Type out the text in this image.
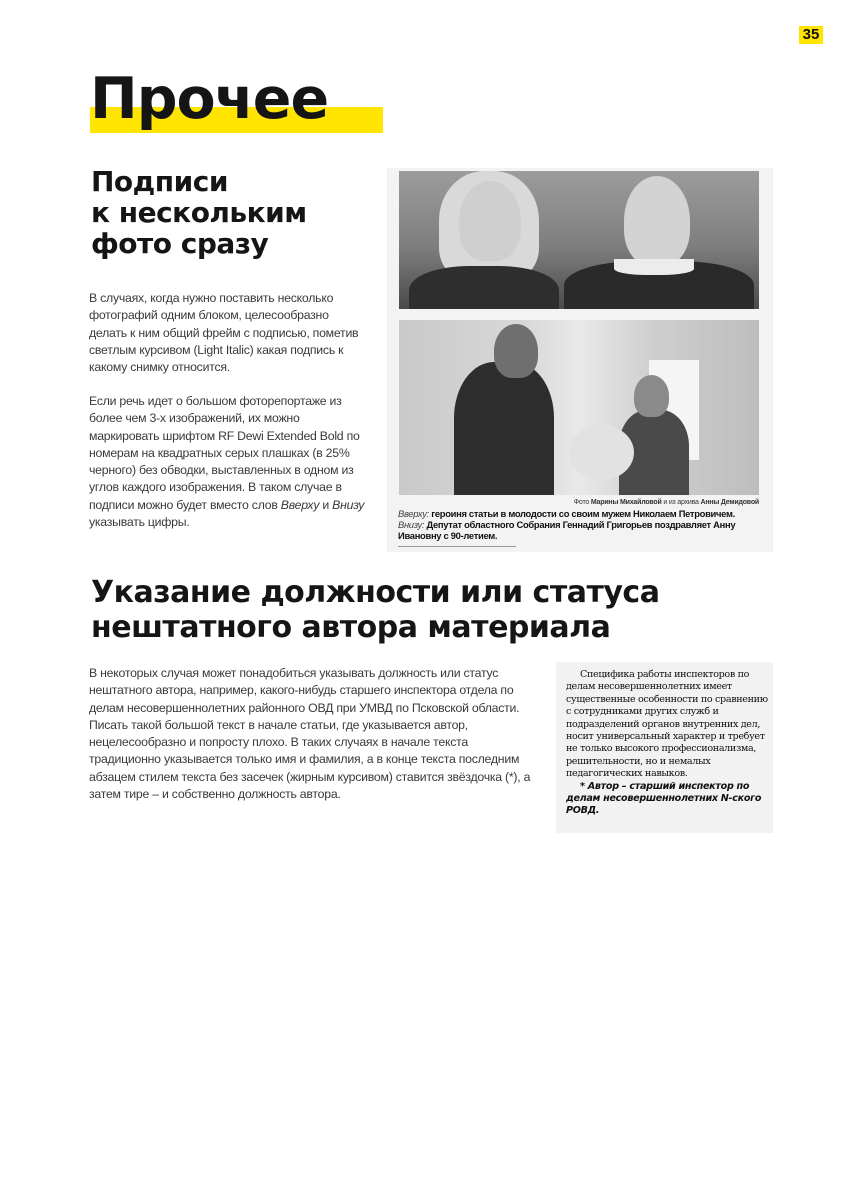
35
Прочее
Подписи
к нескольким
фото сразу

В случаях, когда нужно поставить несколько фотографий одним блоком, целесообразно делать к ним общий фрейм с подписью, пометив светлым курсивом (Light Italic) какая подпись к какому снимку относится.

Если речь идет о большом фоторепортаже из более чем 3-х изображений, их можно маркировать шрифтом RF Dewi Extended Bold по номерам на квадратных серых плашках (в 25% черного) без обводки, выставленных в одном из углов каждого изображения. В таком случае в подписи можно будет вместо слов Вверху и Внизу указывать цифры.

Фото Марины Михайловой и из архива Анны Демидовой
Вверху: героиня статьи в молодости со своим мужем Николаем Петровичем.
Внизу: Депутат областного Собрания Геннадий Григорьев поздравляет Анну Ивановну с 90-летием.
Указание должности или статуса
нештатного автора материала

В некоторых случая может понадобиться указывать должность или статус нештатного автора, например, какого-нибудь старшего инспектора отдела по делам несовершеннолетних районного ОВД при УМВД по Псковской области.

Писать такой большой текст в начале статьи, где указывается автор, нецелесообразно и попросту плохо. В таких случаях в начале текста традиционно указывается только имя и фамилия, а в конце текста последним абзацем стилем текста без засечек (жирным курсивом) ставится звёздочка (*), а затем тире – и собственно должность автора.

Специфика работы инспекторов по делам несовершеннолетних имеет существенные особенности по сравнению с сотрудниками других служб и подразделений органов внутренних дел, носит универсальный характер и требует не только высокого профессионализма, решительности, но и немалых педагогических навыков.
* Автор – старший инспектор по делам несовершеннолетних N-ского РОВД.
